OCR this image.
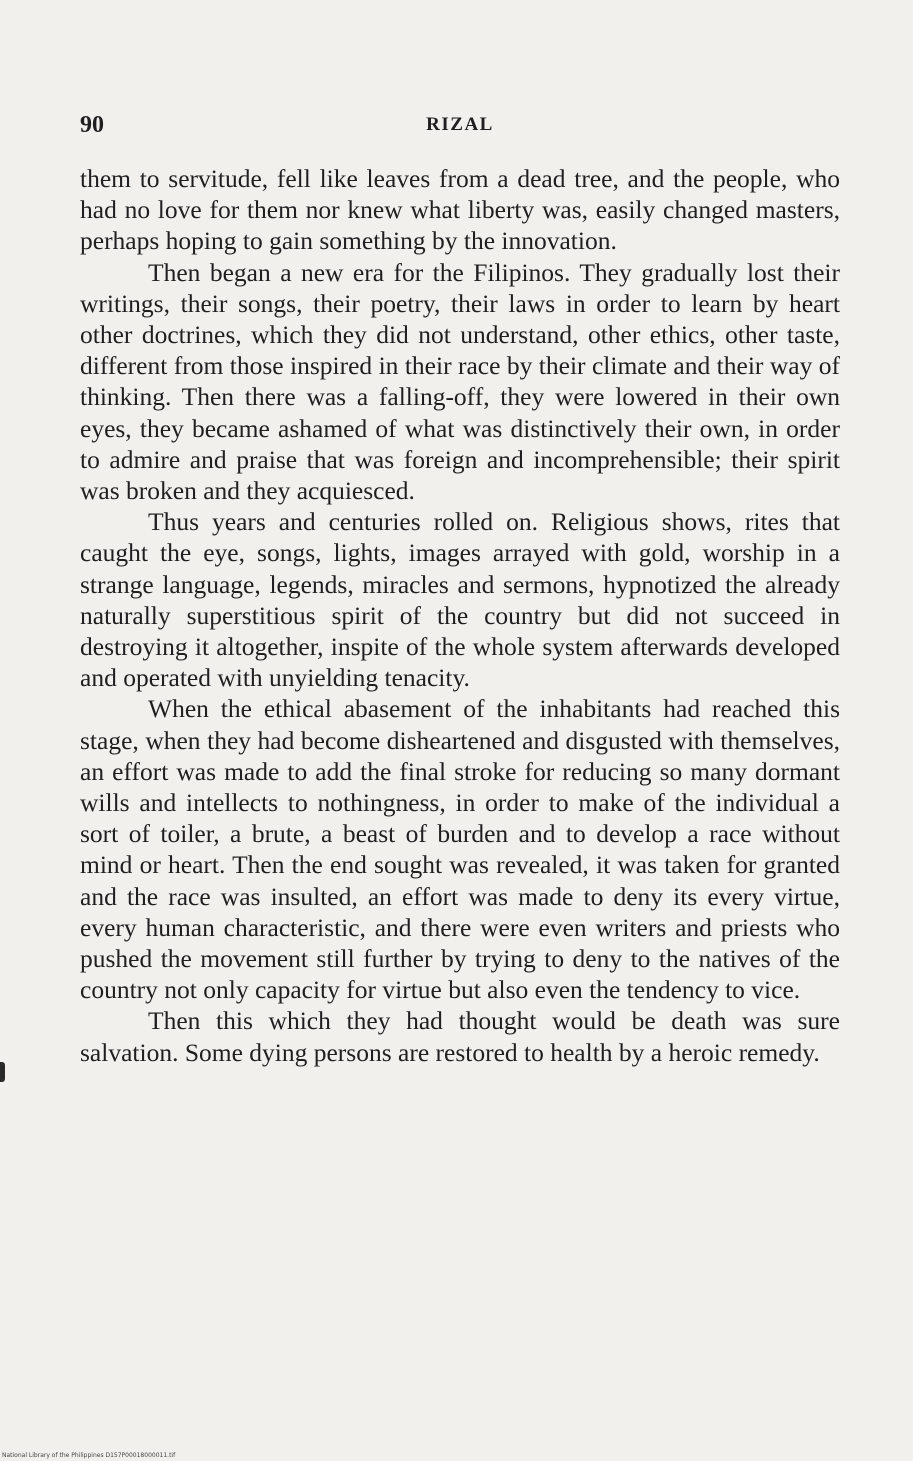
90	RIZAL

them to servitude, fell like leaves from a dead tree, and the people, who had no love for them nor knew what liberty was, easily changed masters, perhaps hoping to gain something by the innovation.

Then began a new era for the Filipinos. They gradually lost their writings, their songs, their poetry, their laws in order to learn by heart other doctrines, which they did not understand, other ethics, other taste, different from those inspired in their race by their climate and their way of thinking. Then there was a falling-off, they were lowered in their own eyes, they became ashamed of what was distinctively their own, in order to admire and praise that was foreign and incomprehensible; their spirit was broken and they acquiesced.

Thus years and centuries rolled on. Religious shows, rites that caught the eye, songs, lights, images arrayed with gold, worship in a strange language, legends, miracles and sermons, hypnotized the already naturally superstitious spirit of the country but did not succeed in destroying it altogether, inspite of the whole system afterwards developed and operated with unyielding tenacity.

When the ethical abasement of the inhabitants had reached this stage, when they had become disheartened and disgusted with themselves, an effort was made to add the final stroke for reducing so many dormant wills and intellects to nothingness, in order to make of the individual a sort of toiler, a brute, a beast of burden and to develop a race without mind or heart. Then the end sought was revealed, it was taken for granted and the race was insulted, an effort was made to deny its every virtue, every human characteristic, and there were even writers and priests who pushed the movement still further by trying to deny to the natives of the country not only capacity for virtue but also even the tendency to vice.

Then this which they had thought would be death was sure salvation. Some dying persons are restored to health by a heroic remedy.

National Library of the Philippines D157P00018000011.tif
